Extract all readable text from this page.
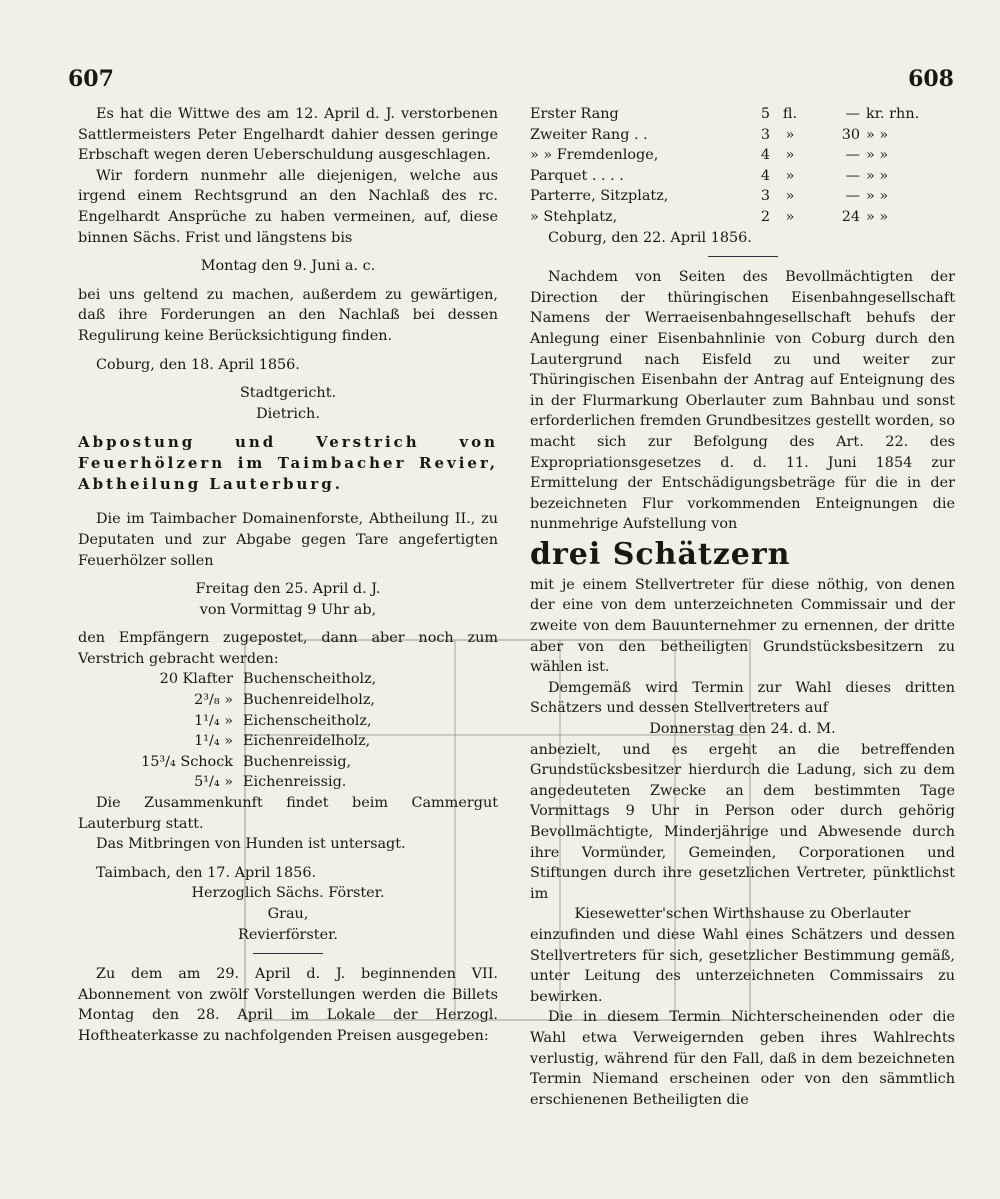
607	608

Es hat die Wittwe des am 12. April d. J. verstorbenen Sattlermeisters Peter Engelhardt dahier dessen geringe Erbschaft wegen deren Ueberschuldung ausgeschlagen.

Wir fordern nunmehr alle diejenigen, welche aus irgend einem Rechtsgrund an den Nachlaß des rc. Engelhardt Ansprüche zu haben vermeinen, auf, diese binnen Sächs. Frist und längstens bis

Montag den 9. Juni a. c.

bei uns geltend zu machen, außerdem zu gewärtigen, daß ihre Forderungen an den Nachlaß bei dessen Regulirung keine Berücksichtigung finden.

Coburg, den 18. April 1856.

Stadtgericht.

Dietrich.

Abpostung und Verstrich von Feuerhölzern im Taimbacher Revier, Abtheilung Lauterburg.

Die im Taimbacher Domainenforste, Abtheilung II., zu Deputaten und zur Abgabe gegen Tare angefertigten Feuerhölzer sollen

Freitag den 25. April d. J.

von Vormittag 9 Uhr ab,

den Empfängern zugepostet, dann aber noch zum Verstrich gebracht werden:

20 Klafter Buchenscheitholz,
2³/₈ » Buchenreidelholz,
1¹/₄ » Eichenscheitholz,
1¹/₄ » Eichenreidelholz,
15³/₄ Schock Buchenreissig,
5¹/₄ » Eichenreissig.

Die Zusammenkunft findet beim Cammergut Lauterburg statt.

Das Mitbringen von Hunden ist untersagt.

Taimbach, den 17. April 1856.

Herzoglich Sächs. Förster.

Grau,

Revierförster.

Zu dem am 29. April d. J. beginnenden VII. Abonnement von zwölf Vorstellungen werden die Billets Montag den 28. April im Lokale der Herzogl. Hoftheaterkasse zu nachfolgenden Preisen ausgegeben:

Erster Rang	5 fl.	— kr. rhn.
Zweiter Rang . .	3	»	30 » »
» » Fremdenloge,	4	»	— » »
Parquet . . . .	4	»	— » »
Parterre, Sitzplatz,	3	»	— » »
» Stehplatz,	2	»	24 » »

Coburg, den 22. April 1856.

Nachdem von Seiten des Bevollmächtigten der Direction der thüringischen Eisenbahngesellschaft Namens der Werraeisenbahngesellschaft behufs der Anlegung einer Eisenbahnlinie von Coburg durch den Lautergrund nach Eisfeld zu und weiter zur Thüringischen Eisenbahn der Antrag auf Enteignung des in der Flurmarkung Oberlauter zum Bahnbau und sonst erforderlichen fremden Grundbesitzes gestellt worden, so macht sich zur Befolgung des Art. 22. des Expropriationsgesetzes d. d. 11. Juni 1854 zur Ermittelung der Entschädigungsbeträge für die in der bezeichneten Flur vorkommenden Enteignungen die nunmehrige Aufstellung von

drei Schätzern

mit je einem Stellvertreter für diese nöthig, von denen der eine von dem unterzeichneten Commissair und der zweite von dem Bauunternehmer zu ernennen, der dritte aber von den betheiligten Grundstücksbesitzern zu wählen ist.

Demgemäß wird Termin zur Wahl dieses dritten Schätzers und dessen Stellvertreters auf

Donnerstag den 24. d. M.

anbezielt, und es ergeht an die betreffenden Grundstücksbesitzer hierdurch die Ladung, sich zu dem angedeuteten Zwecke an dem bestimmten Tage Vormittags 9 Uhr in Person oder durch gehörig Bevollmächtigte, Minderjährige und Abwesende durch ihre Vormünder, Gemeinden, Corporationen und Stiftungen durch ihre gesetzlichen Vertreter, pünktlichst im

Kiesewetter'schen Wirthshause zu Oberlauter

einzufinden und diese Wahl eines Schätzers und dessen Stellvertreters für sich, gesetzlicher Bestimmung gemäß, unter Leitung des unterzeichneten Commissairs zu bewirken.

Die in diesem Termin Nichterscheinenden oder die Wahl etwa Verweigernden geben ihres Wahlrechts verlustig, während für den Fall, daß in dem bezeichneten Termin Niemand erscheinen oder von den sämmtlich erschienenen Betheiligten die
